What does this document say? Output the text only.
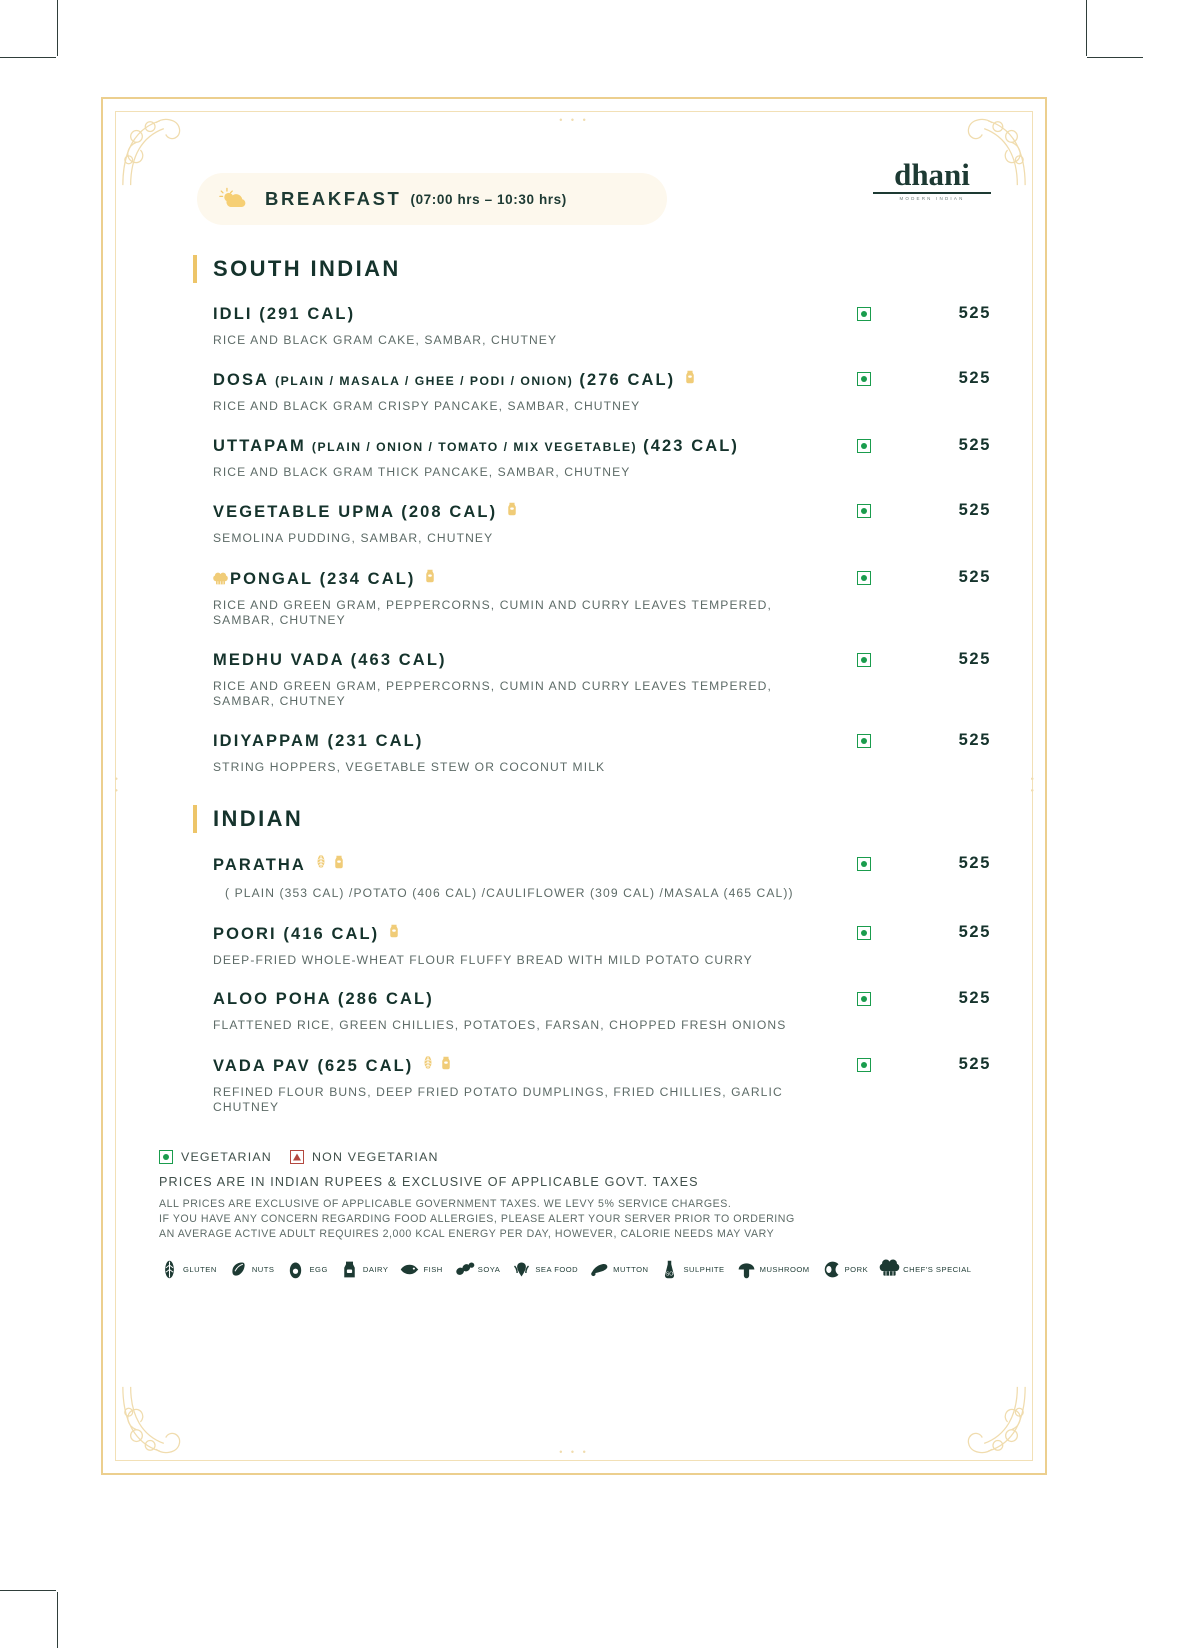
• • •
• • •
• •	• •
dhani
MODERN INDIAN
BREAKFAST (07:00 hrs – 10:30 hrs)
SOUTH INDIAN
IDLI (291 CAL)	525
RICE AND BLACK GRAM CAKE, SAMBAR, CHUTNEY
DOSA (PLAIN / MASALA / GHEE / PODI / ONION) (276 CAL)	525
RICE AND BLACK GRAM CRISPY PANCAKE, SAMBAR, CHUTNEY
UTTAPAM (PLAIN / ONION / TOMATO / MIX VEGETABLE) (423 CAL)	525
RICE AND BLACK GRAM THICK PANCAKE, SAMBAR, CHUTNEY
VEGETABLE UPMA (208 CAL)	525
SEMOLINA PUDDING, SAMBAR, CHUTNEY
PONGAL (234 CAL)	525
RICE AND GREEN GRAM, PEPPERCORNS, CUMIN AND CURRY LEAVES TEMPERED, SAMBAR, CHUTNEY
MEDHU VADA (463 CAL)	525
RICE AND GREEN GRAM, PEPPERCORNS, CUMIN AND CURRY LEAVES TEMPERED, SAMBAR, CHUTNEY
IDIYAPPAM (231 CAL)	525
STRING HOPPERS, VEGETABLE STEW OR COCONUT MILK
INDIAN
PARATHA	525
( PLAIN (353 CAL) /POTATO (406 CAL) /CAULIFLOWER (309 CAL) /MASALA (465 CAL))
POORI (416 CAL)	525
DEEP-FRIED WHOLE-WHEAT FLOUR FLUFFY BREAD WITH MILD POTATO CURRY
ALOO POHA (286 CAL)	525
FLATTENED RICE, GREEN CHILLIES, POTATOES, FARSAN, CHOPPED FRESH ONIONS
VADA PAV (625 CAL)	525
REFINED FLOUR BUNS, DEEP FRIED POTATO DUMPLINGS, FRIED CHILLIES, GARLIC CHUTNEY
VEGETARIAN	NON VEGETARIAN
PRICES ARE IN INDIAN RUPEES & EXCLUSIVE OF APPLICABLE GOVT. TAXES
ALL PRICES ARE EXCLUSIVE OF APPLICABLE GOVERNMENT TAXES. WE LEVY 5% SERVICE CHARGES.
IF YOU HAVE ANY CONCERN REGARDING FOOD ALLERGIES, PLEASE ALERT YOUR SERVER PRIOR TO ORDERING
AN AVERAGE ACTIVE ADULT REQUIRES 2,000 KCAL ENERGY PER DAY, HOWEVER, CALORIE NEEDS MAY VARY
GLUTEN	NUTS	EGG	DAIRY	FISH	SOYA	SEA FOOD	MUTTON
SO
SULPHITE	MUSHROOM	PORK	CHEF'S SPECIAL
